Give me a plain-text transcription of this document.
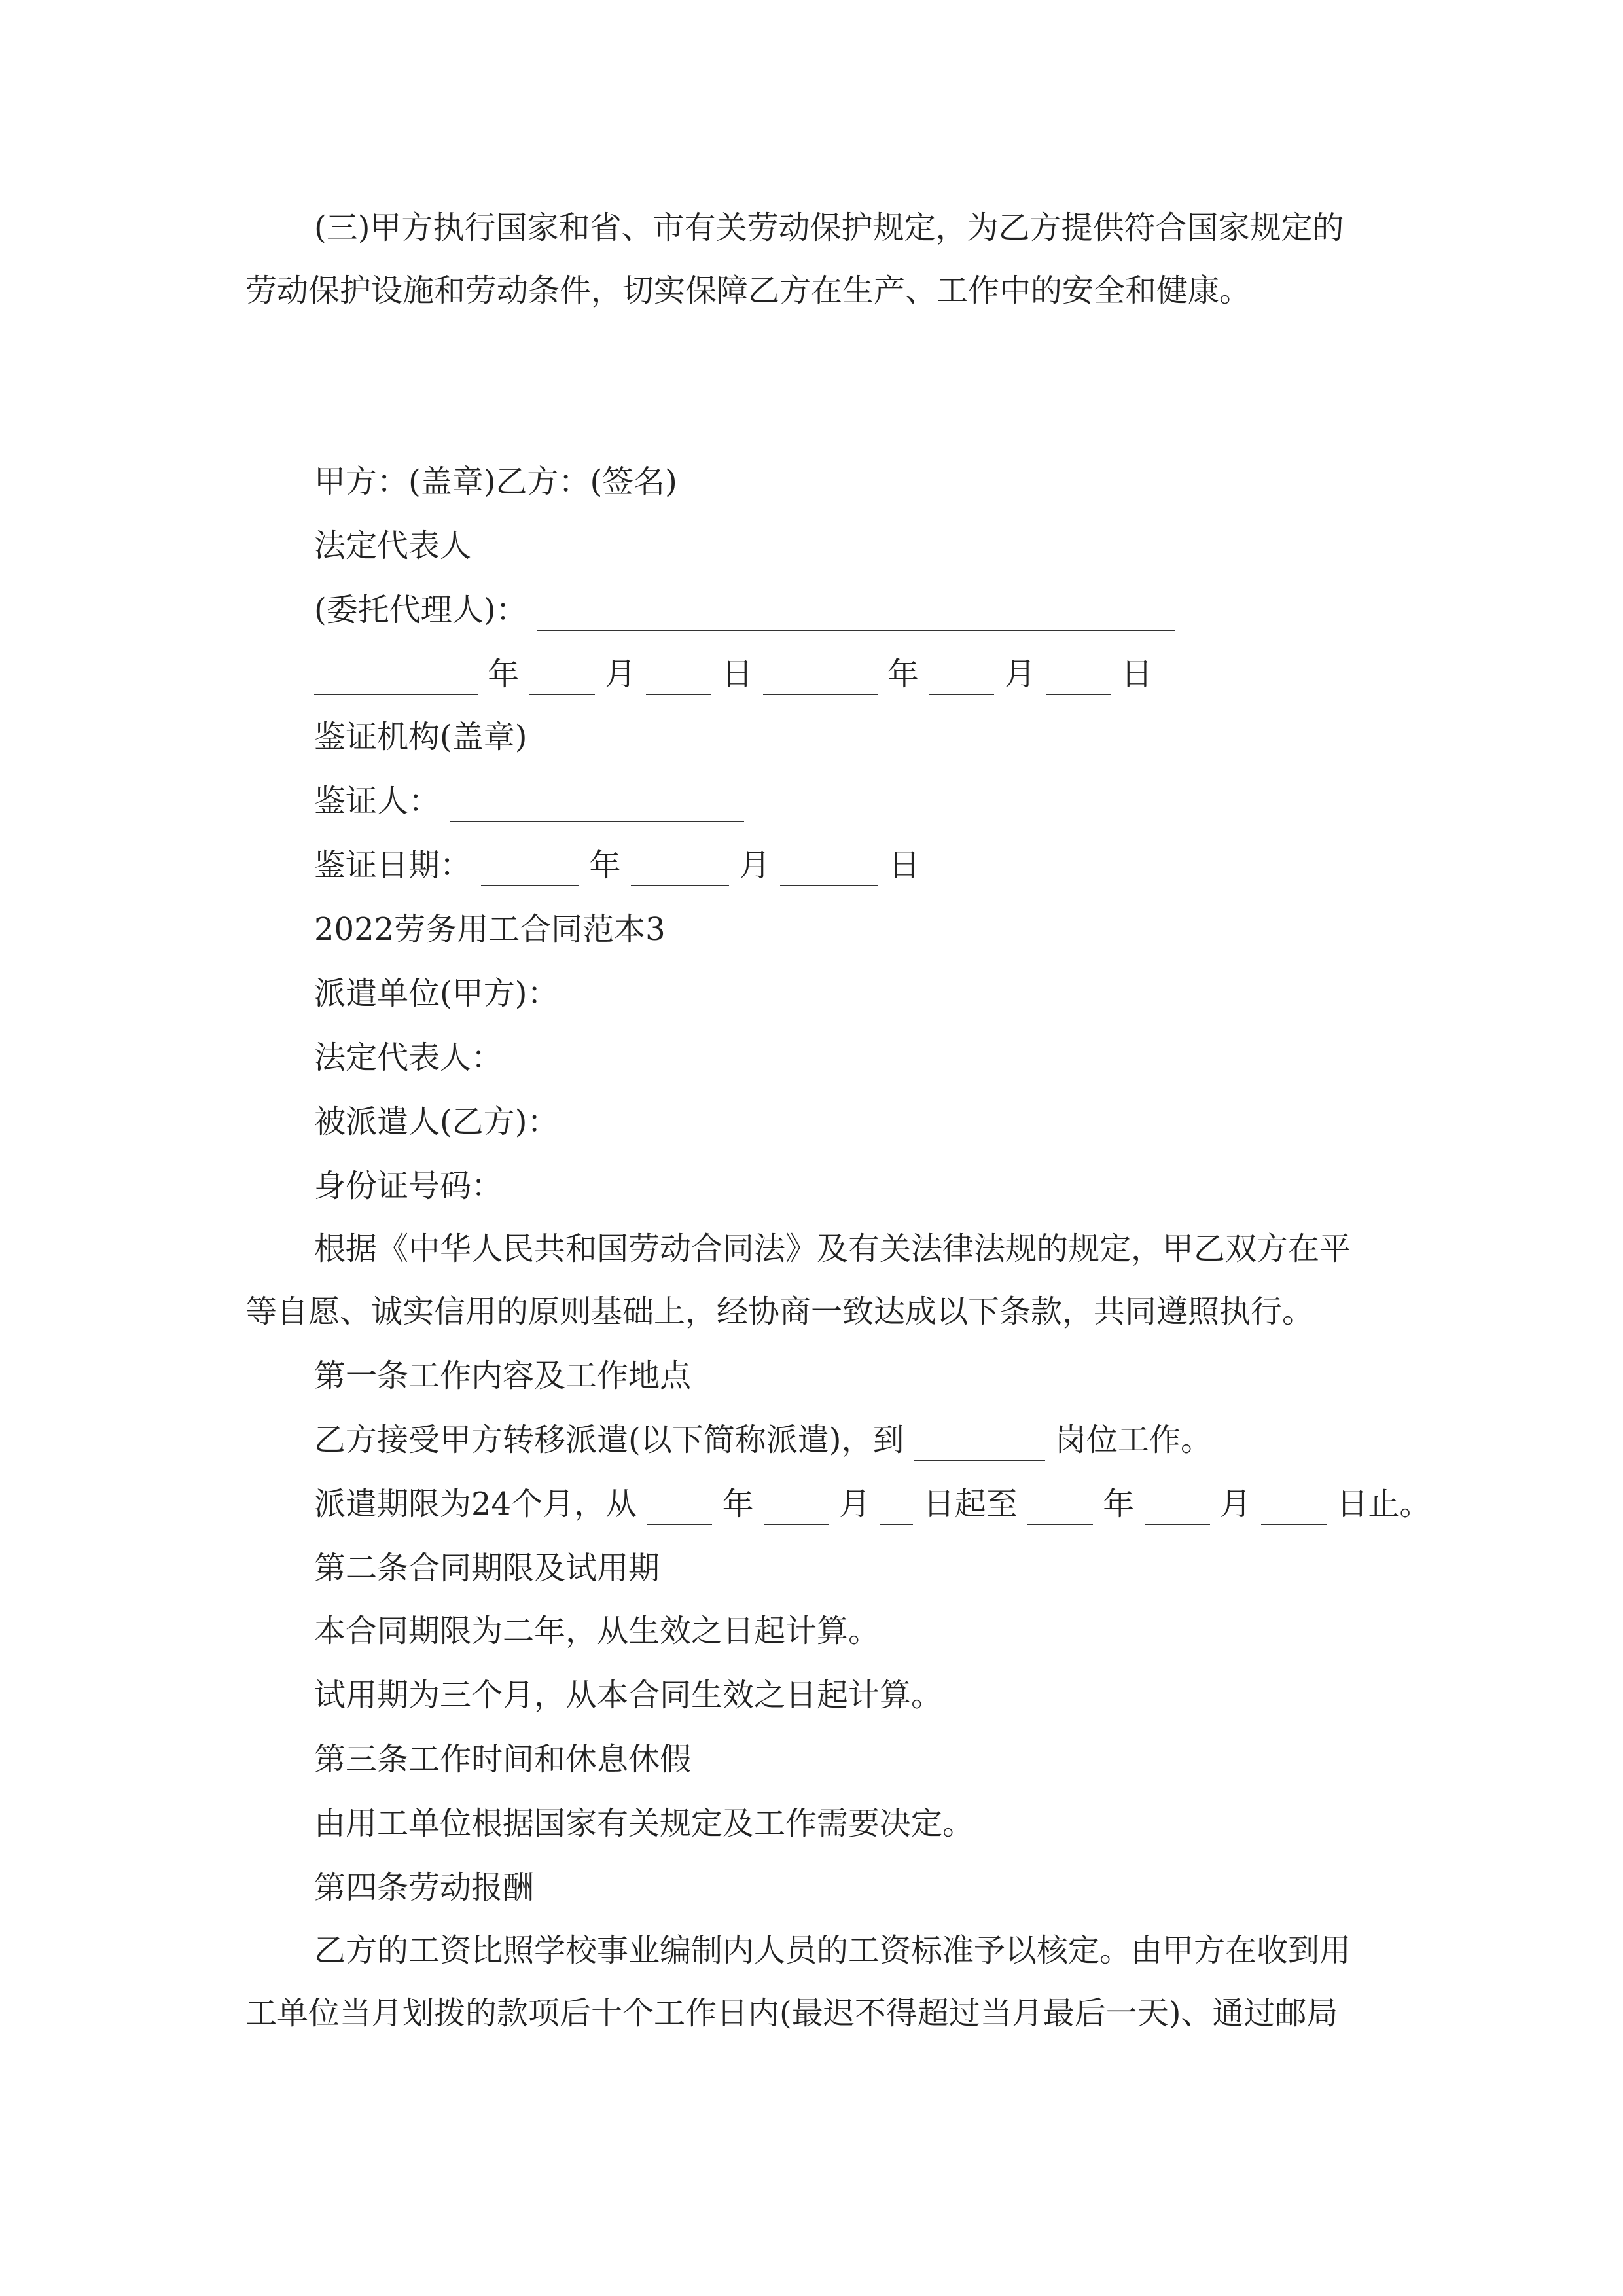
(三)甲方执行国家和省、市有关劳动保护规定，为乙方提供符合国家规定的

劳动保护设施和劳动条件，切实保障乙方在生产、工作中的安全和健康。

甲方：(盖章)乙方：(签名)

法定代表人

(委托代理人)：
年	月	日	年	月	日

鉴证机构(盖章)

鉴证人：
鉴证日期：	年	月	日

2022劳务用工合同范本3

派遣单位(甲方)：

法定代表人：

被派遣人(乙方)：

身份证号码：

根据《中华人民共和国劳动合同法》及有关法律法规的规定，甲乙双方在平

等自愿、诚实信用的原则基础上，经协商一致达成以下条款，共同遵照执行。

第一条工作内容及工作地点

乙方接受甲方转移派遣(以下简称派遣)，到	岗位工作。
派遣期限为24个月，从	年	月 日起至	年	月	日止。

第二条合同期限及试用期

本合同期限为二年，从生效之日起计算。

试用期为三个月，从本合同生效之日起计算。

第三条工作时间和休息休假

由用工单位根据国家有关规定及工作需要决定。

第四条劳动报酬

乙方的工资比照学校事业编制内人员的工资标准予以核定。由甲方在收到用

工单位当月划拨的款项后十个工作日内(最迟不得超过当月最后一天)、通过邮局
